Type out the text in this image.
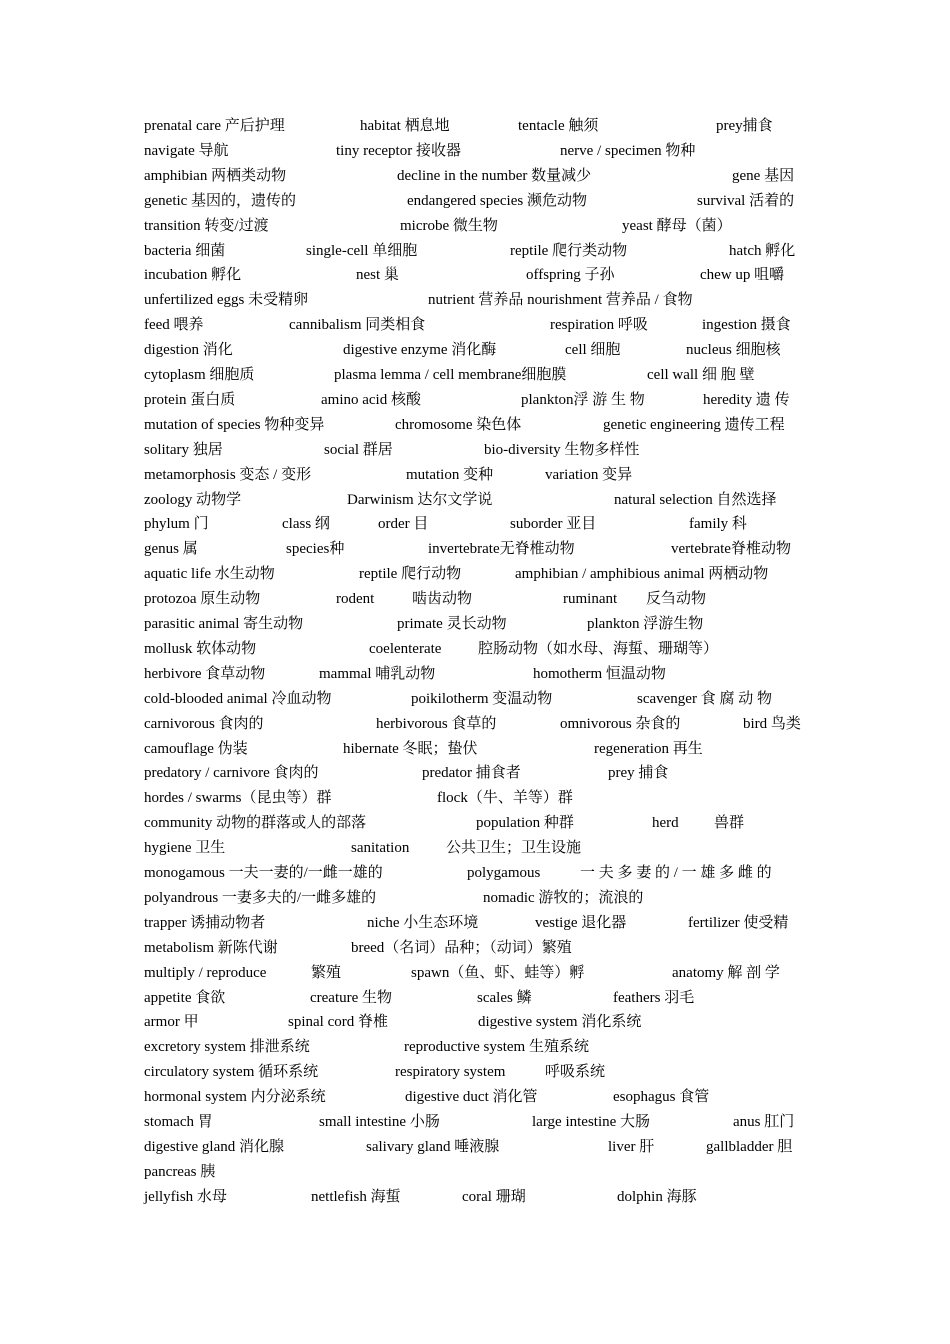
prenatal care 产后护理	habitat 栖息地	tentacle 触须	prey捕食
navigate 导航	tiny receptor 接收器	nerve / specimen 物种
amphibian 两栖类动物	decline in the number 数量减少	gene 基因
genetic 基因的，遗传的	endangered species 濒危动物	survival 活着的
transition 转变/过渡	microbe 微生物	yeast 酵母（菌）
bacteria 细菌	single-cell 单细胞	reptile 爬行类动物	hatch 孵化
incubation 孵化	nest 巢	offspring 子孙	chew up 咀嚼
unfertilized eggs 未受精卵	nutrient 营养品 nourishment 营养品 / 食物
feed 喂养	cannibalism 同类相食	respiration 呼吸	ingestion 摄食
digestion 消化	digestive enzyme 消化酶	cell 细胞	nucleus 细胞核
cytoplasm 细胞质	plasma lemma / cell membrane细胞膜	cell wall 细 胞 壁
protein 蛋白质	amino acid 核酸	plankton浮 游 生 物	heredity 遗 传
mutation of species 物种变异	chromosome 染色体	genetic engineering 遗传工程
solitary 独居	social 群居	bio-diversity 生物多样性
metamorphosis 变态 / 变形	mutation 变种	variation 变异
zoology 动物学	Darwinism 达尔文学说	natural selection 自然选择
phylum 门	class 纲	order 目	suborder 亚目	family 科
genus 属	species种	invertebrate无脊椎动物	vertebrate脊椎动物
aquatic life 水生动物	reptile 爬行动物	amphibian / amphibious animal 两栖动物
protozoa 原生动物	rodent	啮齿动物	ruminant 反刍动物
parasitic animal 寄生动物	primate 灵长动物	plankton 浮游生物
mollusk 软体动物	coelenterate 腔肠动物（如水母、海蜇、珊瑚等）
herbivore 食草动物	mammal 哺乳动物	homotherm 恒温动物
cold-blooded animal 冷血动物	poikilotherm 变温动物	scavenger 食 腐 动 物
carnivorous 食肉的	herbivorous 食草的	omnivorous 杂食的	bird 鸟类
camouflage 伪装	hibernate 冬眠；蛰伏	regeneration 再生
predatory / carnivore 食肉的	predator 捕食者	prey 捕食
hordes / swarms（昆虫等）群	flock（牛、羊等）群
community 动物的群落或人的部落	population 种群	herd 兽群
hygiene 卫生	sanitation 公共卫生；卫生设施
monogamous 一夫一妻的/一雌一雄的	polygamous	一 夫 多 妻 的 / 一 雄 多 雌 的
polyandrous 一妻多夫的/一雌多雄的	nomadic 游牧的；流浪的
trapper 诱捕动物者	niche 小生态环境	vestige 退化器	fertilizer 使受精
metabolism 新陈代谢	breed（名词）品种；（动词）繁殖
multiply / reproduce	繁殖	spawn（鱼、虾、蛙等）孵	anatomy 解 剖 学
appetite 食欲	creature 生物	scales 鳞	feathers 羽毛
armor 甲	spinal cord 脊椎	digestive system 消化系统
excretory system 排泄系统	reproductive system 生殖系统
circulatory system 循环系统	respiratory system	呼吸系统
hormonal system 内分泌系统	digestive duct 消化管	esophagus 食管
stomach 胃	small intestine 小肠	large intestine 大肠	anus 肛门
digestive gland 消化腺	salivary gland 唾液腺	liver 肝	gallbladder 胆
pancreas 胰
jellyfish 水母	nettlefish 海蜇	coral 珊瑚	dolphin 海豚
